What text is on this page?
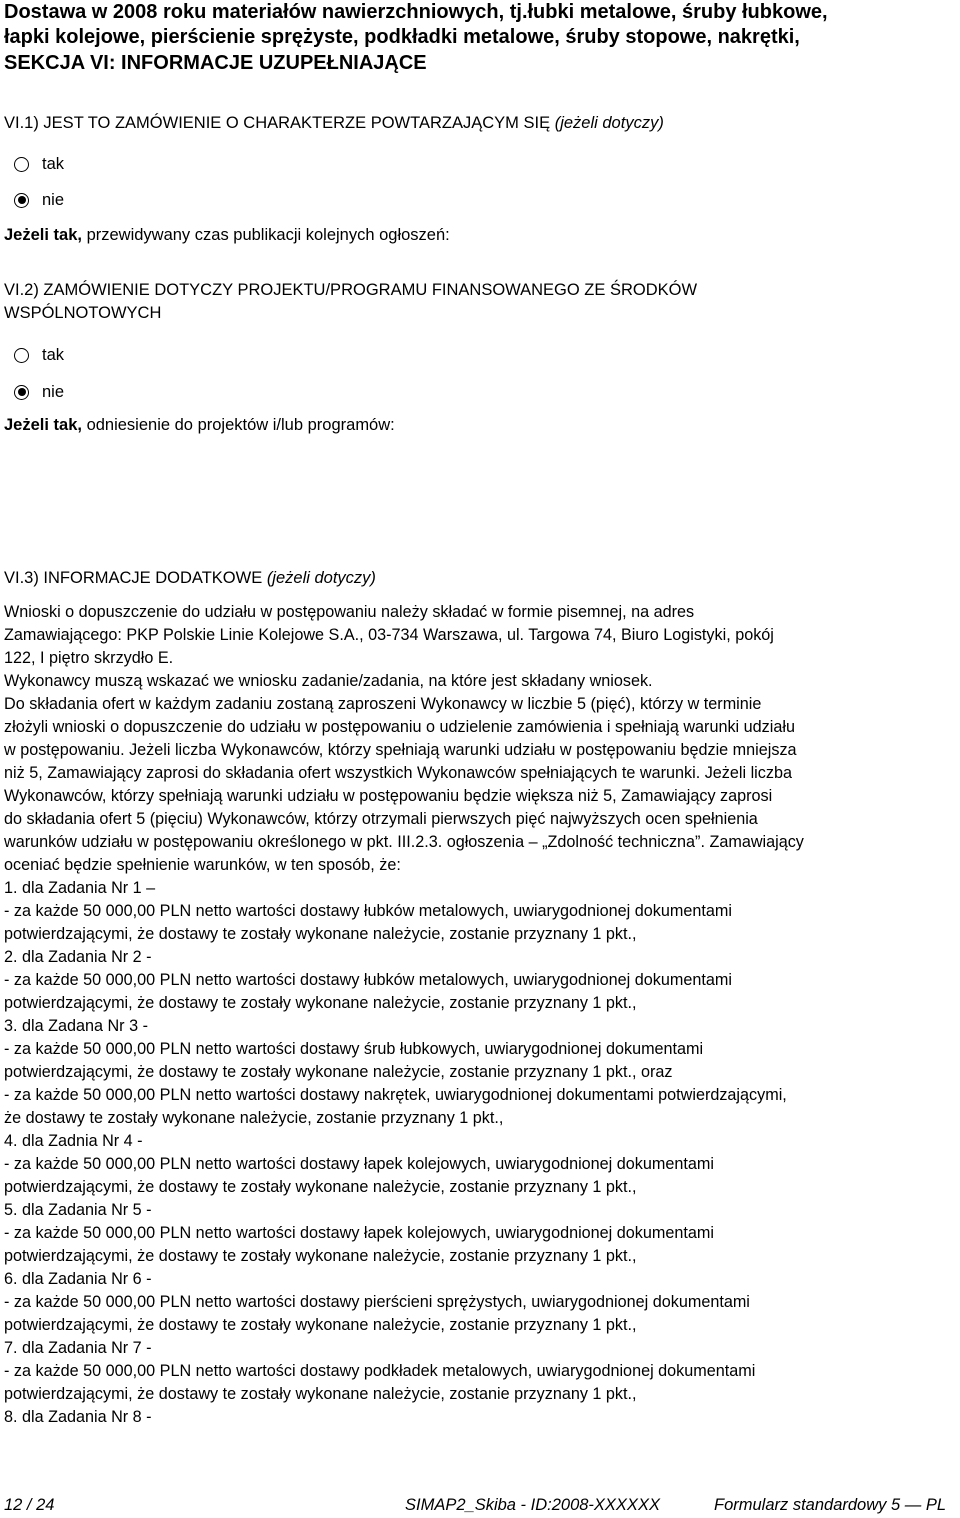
Dostawa w 2008 roku materiałów nawierzchniowych, tj.łubki metalowe, śruby łubkowe,
łapki kolejowe, pierścienie sprężyste, podkładki metalowe, śruby stopowe, nakrętki,
SEKCJA VI: INFORMACJE UZUPEŁNIAJĄCE
VI.1) JEST TO ZAMÓWIENIE O CHARAKTERZE POWTARZAJĄCYM SIĘ (jeżeli dotyczy)
tak
nie
Jeżeli tak, przewidywany czas publikacji kolejnych ogłoszeń:
VI.2) ZAMÓWIENIE DOTYCZY PROJEKTU/PROGRAMU FINANSOWANEGO ZE ŚRODKÓW
WSPÓLNOTOWYCH
tak
nie
Jeżeli tak, odniesienie do projektów i/lub programów:
VI.3) INFORMACJE DODATKOWE (jeżeli dotyczy)
Wnioski o dopuszczenie do udziału w postępowaniu należy składać w formie pisemnej, na adres
Zamawiającego: PKP Polskie Linie Kolejowe S.A., 03-734 Warszawa, ul. Targowa 74, Biuro Logistyki, pokój
122, I piętro skrzydło E.
Wykonawcy muszą wskazać we wniosku zadanie/zadania, na które jest składany wniosek.
Do składania ofert w każdym zadaniu zostaną zaproszeni Wykonawcy w liczbie 5 (pięć), którzy w terminie
złożyli wnioski o dopuszczenie do udziału w postępowaniu o udzielenie zamówienia i spełniają warunki udziału
w postępowaniu. Jeżeli liczba Wykonawców, którzy spełniają warunki udziału w postępowaniu będzie mniejsza
niż 5, Zamawiający zaprosi do składania ofert wszystkich Wykonawców spełniających te warunki. Jeżeli liczba
Wykonawców, którzy spełniają warunki udziału w postępowaniu będzie większa niż 5, Zamawiający zaprosi
do składania ofert 5 (pięciu) Wykonawców, którzy otrzymali pierwszych pięć najwyższych ocen spełnienia
warunków udziału w postępowaniu określonego w pkt. III.2.3. ogłoszenia – „Zdolność techniczna”. Zamawiający
oceniać będzie spełnienie warunków, w ten sposób, że:
1. dla Zadania Nr 1 –
- za każde 50 000,00 PLN netto wartości dostawy łubków metalowych, uwiarygodnionej dokumentami
potwierdzającymi, że dostawy te zostały wykonane należycie, zostanie przyznany 1 pkt.,
2. dla Zadania Nr 2 -
- za każde 50 000,00 PLN netto wartości dostawy łubków metalowych, uwiarygodnionej dokumentami
potwierdzającymi, że dostawy te zostały wykonane należycie, zostanie przyznany 1 pkt.,
3. dla Zadana Nr 3 -
- za każde 50 000,00 PLN netto wartości dostawy śrub łubkowych, uwiarygodnionej dokumentami
potwierdzającymi, że dostawy te zostały wykonane należycie, zostanie przyznany 1 pkt., oraz
- za każde 50 000,00 PLN netto wartości dostawy nakrętek, uwiarygodnionej dokumentami potwierdzającymi,
że dostawy te zostały wykonane należycie, zostanie przyznany 1 pkt.,
4. dla Zadnia Nr 4 -
- za każde 50 000,00 PLN netto wartości dostawy łapek kolejowych, uwiarygodnionej dokumentami
potwierdzającymi, że dostawy te zostały wykonane należycie, zostanie przyznany 1 pkt.,
5. dla Zadania Nr 5 -
- za każde 50 000,00 PLN netto wartości dostawy łapek kolejowych, uwiarygodnionej dokumentami
potwierdzającymi, że dostawy te zostały wykonane należycie, zostanie przyznany 1 pkt.,
6. dla Zadania Nr 6 -
- za każde 50 000,00 PLN netto wartości dostawy pierścieni sprężystych, uwiarygodnionej dokumentami
potwierdzającymi, że dostawy te zostały wykonane należycie, zostanie przyznany 1 pkt.,
7. dla Zadania Nr 7 -
- za każde 50 000,00 PLN netto wartości dostawy podkładek metalowych, uwiarygodnionej dokumentami
potwierdzającymi, że dostawy te zostały wykonane należycie, zostanie przyznany 1 pkt.,
8. dla Zadania Nr 8 -
12 / 24	SIMAP2_Skiba - ID:2008-XXXXXX	Formularz standardowy 5 — PL
